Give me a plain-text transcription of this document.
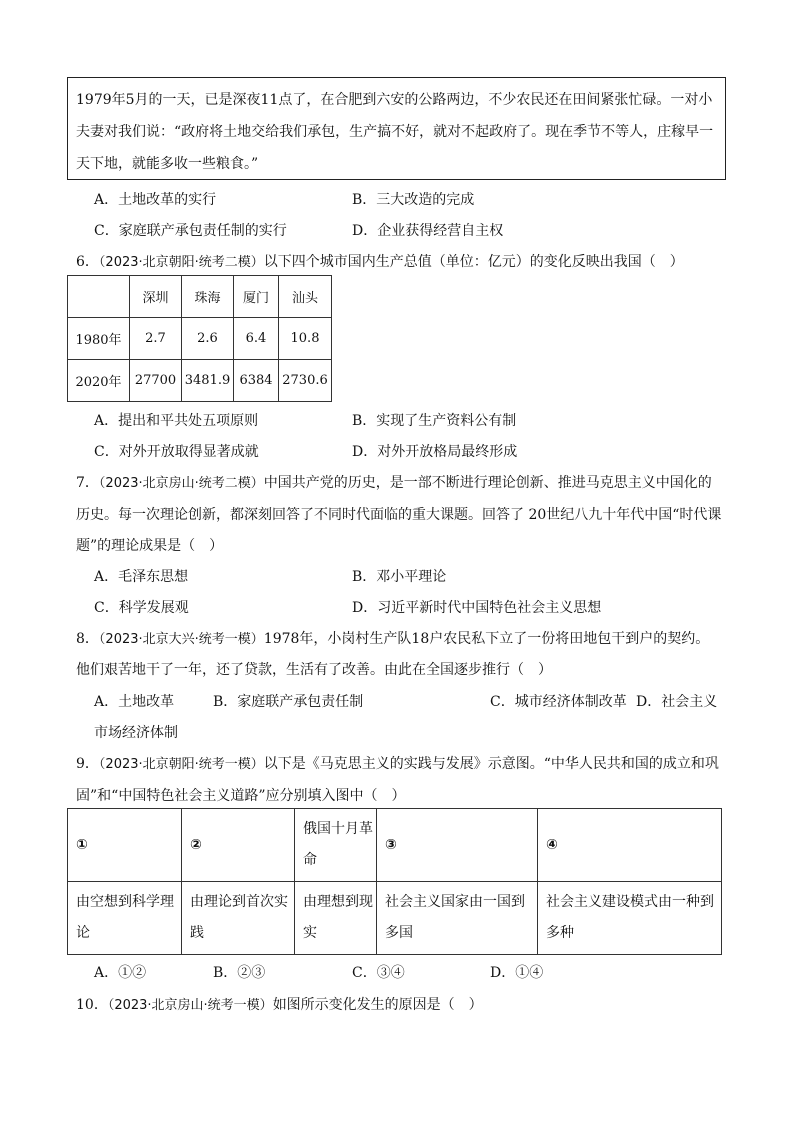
1979年5月的一天，已是深夜11点了，在合肥到六安的公路两边，不少农民还在田间紧张忙碌。一对小
夫妻对我们说：“政府将土地交给我们承包，生产搞不好，就对不起政府了。现在季节不等人，庄稼早一
天下地，就能多收一些粮食。”
A．土地改革的实行	B．三大改造的完成
C．家庭联产承包责任制的实行	D．企业获得经营自主权
6．（2023·北京朝阳·统考二模）以下四个城市国内生产总值（单位：亿元）的变化反映出我国（　）
	深圳	珠海	厦门	汕头
1980年	2.7	2.6	6.4	10.8
2020年	27700	3481.9	6384	2730.6
A．提出和平共处五项原则	B．实现了生产资料公有制
C．对外开放取得显著成就	D．对外开放格局最终形成
7．（2023·北京房山·统考二模）中国共产党的历史，是一部不断进行理论创新、推进马克思主义中国化的
历史。每一次理论创新，都深刻回答了不同时代面临的重大课题。回答了 20世纪八九十年代中国“时代课
题”的理论成果是（　）
A．毛泽东思想	B．邓小平理论
C．科学发展观	D．习近平新时代中国特色社会主义思想
8．（2023·北京大兴·统考一模）1978年，小岗村生产队18户农民私下立了一份将田地包干到户的契约。
他们艰苦地干了一年，还了贷款，生活有了改善。由此在全国逐步推行（　）
A．土地改革	B．家庭联产承包责任制	C．城市经济体制改革 D．社会主义
市场经济体制
9．（2023·北京朝阳·统考一模）以下是《马克思主义的实践与发展》示意图。“中华人民共和国的成立和巩
固”和“中国特色社会主义道路”应分别填入图中（　）
①	②	俄国十月革命	③	④
由空想到科学理论	由理论到首次实践	由理想到现实	社会主义国家由一国到多国	社会主义建设模式由一种到多种
A．①②	B．②③	C．③④	D．①④
10．（2023·北京房山·统考一模）如图所示变化发生的原因是（　）
